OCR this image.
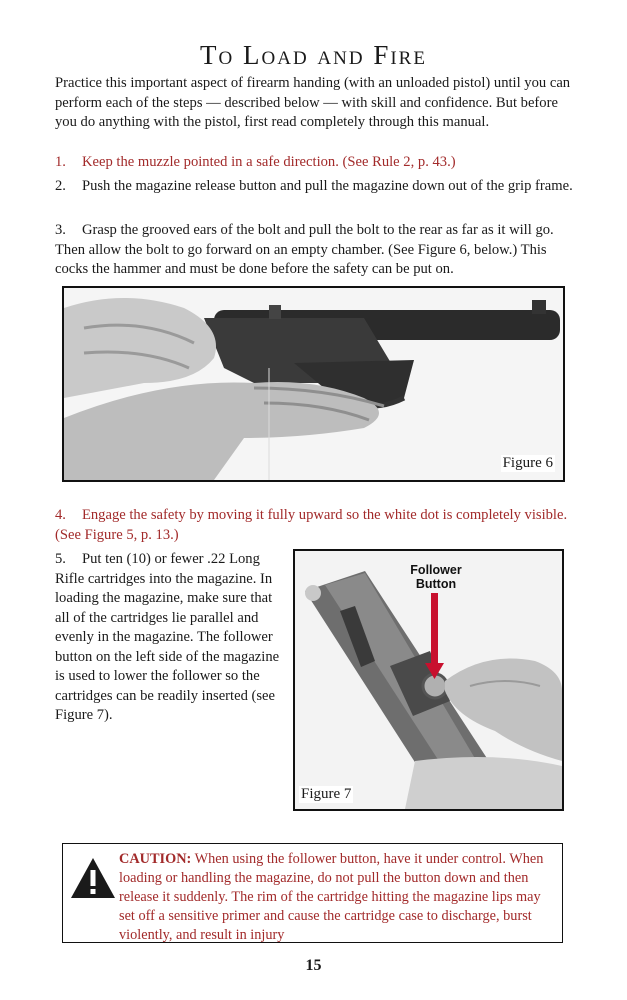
To Load and Fire

Practice this important aspect of firearm handing (with an unloaded pistol) until you can perform each of the steps — described below — with skill and confidence. But before you do anything with the pistol, first read completely through this manual.

1. Keep the muzzle pointed in a safe direction. (See Rule 2, p. 43.)

2. Push the magazine release button and pull the magazine down out of the grip frame.

3. Grasp the grooved ears of the bolt and pull the bolt to the rear as far as it will go. Then allow the bolt to go forward on an empty chamber. (See Figure 6, below.) This cocks the hammer and must be done before the safety can be put on.

Figure 6

4. Engage the safety by moving it fully upward so the white dot is completely visible. (See Figure 5, p. 13.)

5. Put ten (10) or fewer .22 Long Rifle cartridges into the magazine. In loading the magazine, make sure that all of the cartridges lie parallel and evenly in the magazine. The follower button on the left side of the magazine is used to lower the follower so the cartridges can be readily inserted (see Figure 7).

Follower Button
Figure 7
CAUTION: When using the follower button, have it under control. When loading or handling the magazine, do not pull the button down and then release it suddenly. The rim of the cartridge hitting the magazine lips may set off a sensitive primer and cause the cartridge case to discharge, burst violently, and result in injury
15
